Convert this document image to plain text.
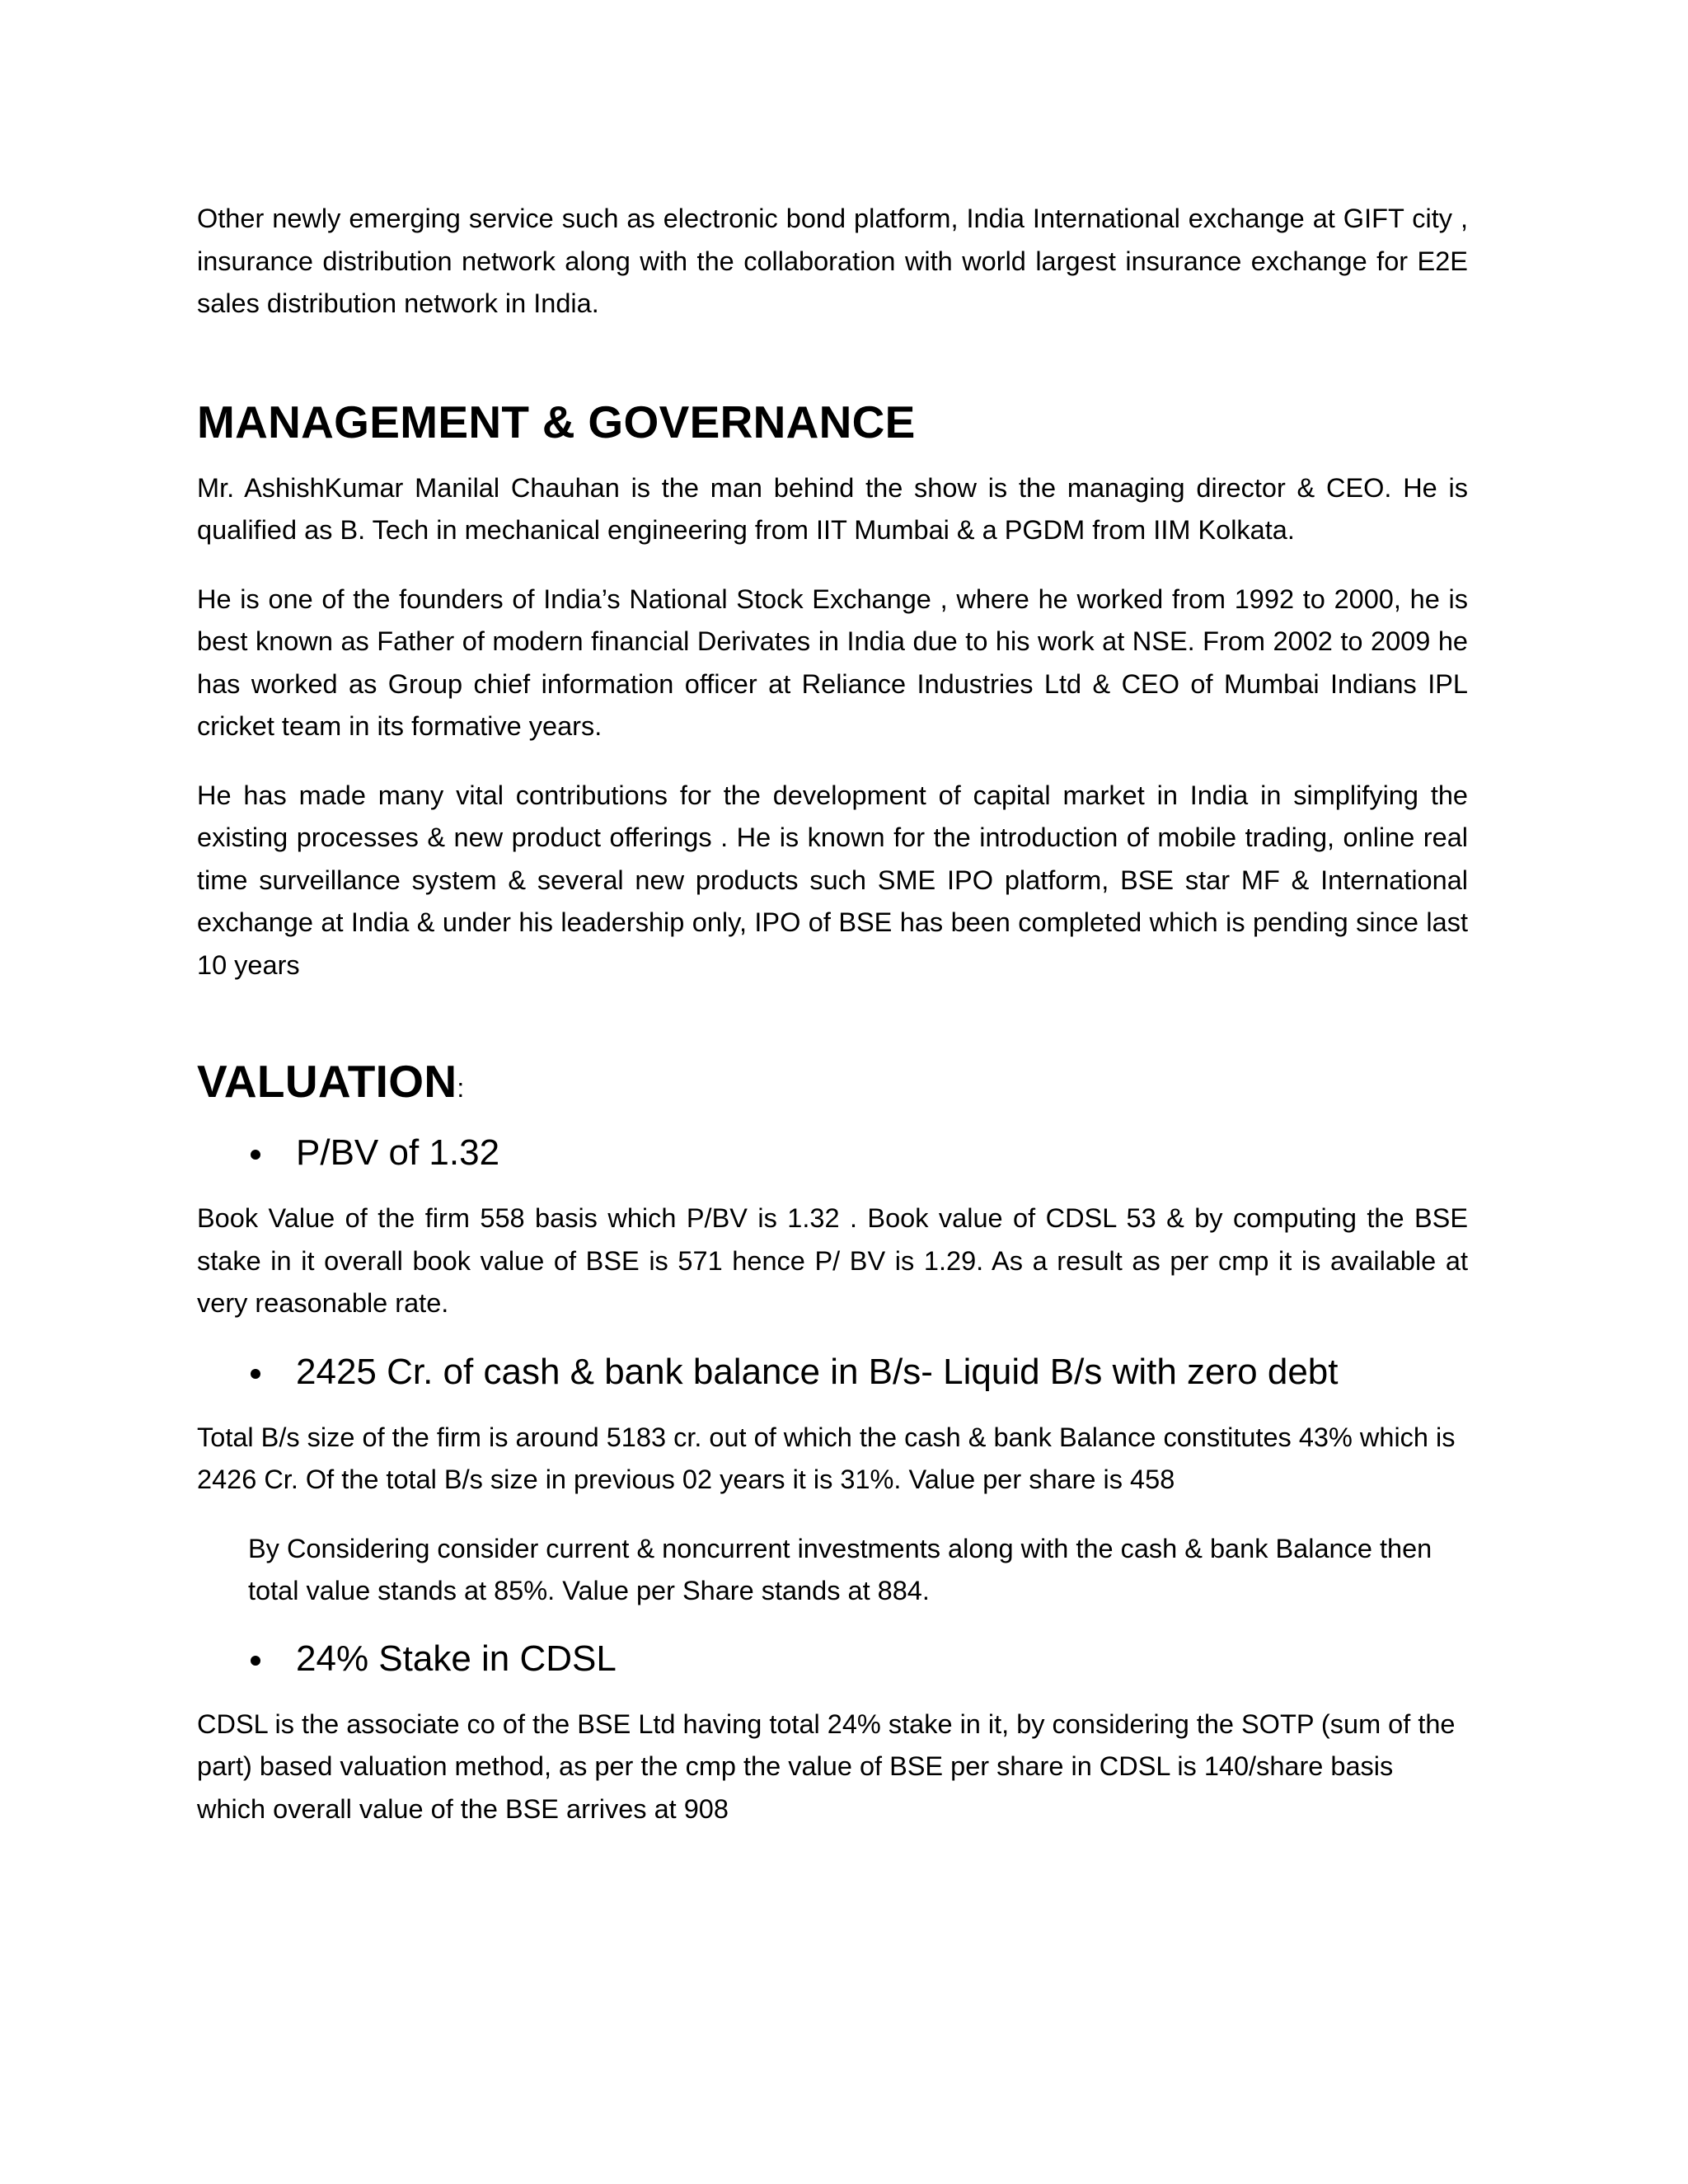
Other newly emerging service such as electronic bond platform, India International exchange at GIFT city , insurance distribution network along with the collaboration with world largest insurance exchange for E2E sales distribution network in India.

MANAGEMENT & GOVERNANCE

Mr. AshishKumar Manilal Chauhan is the man behind the show is the managing director & CEO. He is qualified as B. Tech in mechanical engineering from IIT Mumbai & a PGDM from IIM Kolkata.

He is one of the founders of India’s National Stock Exchange , where he worked from 1992 to 2000, he is best known as Father of modern financial Derivates in India due to his work at NSE. From 2002 to 2009 he has worked as Group chief information officer at Reliance Industries Ltd & CEO of Mumbai Indians IPL cricket team in its formative years.

He has made many vital contributions for the development of capital market in India in simplifying the existing processes & new product offerings . He is known for the introduction of mobile trading, online real time surveillance system & several new products such SME IPO platform, BSE star MF & International exchange at India & under his leadership only, IPO of BSE has been completed which is pending since last 10 years

VALUATION:

P/BV of 1.32

Book Value of the firm 558 basis which P/BV is 1.32 . Book value of CDSL 53 & by computing the BSE stake in it overall book value of BSE is 571 hence P/ BV is 1.29. As a result as per cmp it is available at very reasonable rate.

2425 Cr. of cash & bank balance in B/s- Liquid B/s with zero debt

Total B/s size of the firm is around 5183 cr. out of which the cash & bank Balance constitutes 43% which is 2426 Cr. Of the total B/s size in previous 02 years it is 31%. Value per share is 458

By Considering consider current & noncurrent investments along with the cash & bank Balance then total value stands at 85%. Value per Share stands at 884.

24% Stake in CDSL

CDSL is the associate co of the BSE Ltd having total 24% stake in it, by considering the SOTP (sum of the part) based valuation method, as per the cmp the value of BSE per share in CDSL is 140/share basis which overall value of the BSE arrives at 908
